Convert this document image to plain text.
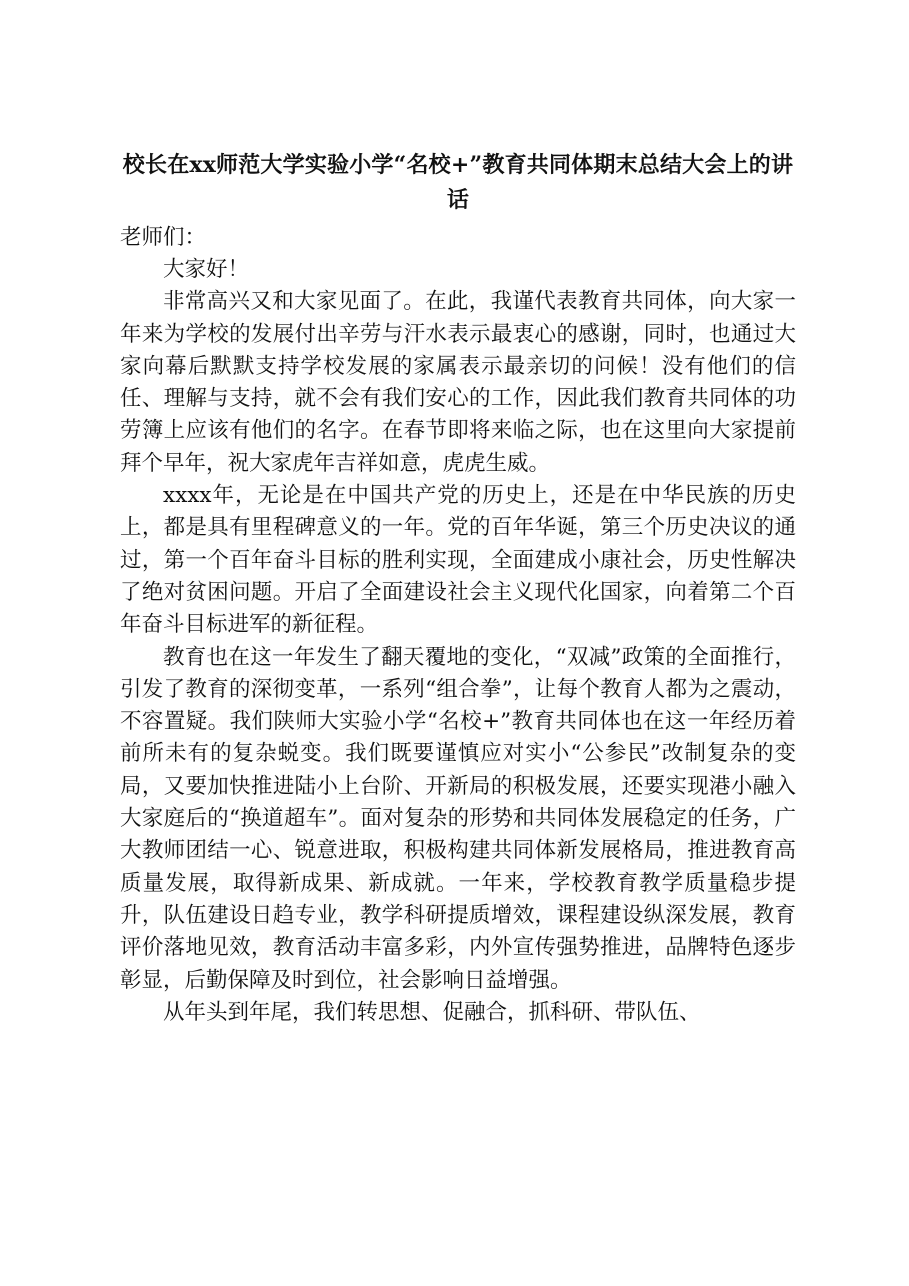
校长在xx师范大学实验小学“名校+”教育共同体期末总结大会上的讲话

老师们：

大家好！

非常高兴又和大家见面了。在此，我谨代表教育共同体，向大家一年来为学校的发展付出辛劳与汗水表示最衷心的感谢，同时，也通过大家向幕后默默支持学校发展的家属表示最亲切的问候！没有他们的信任、理解与支持，就不会有我们安心的工作，因此我们教育共同体的功劳簿上应该有他们的名字。在春节即将来临之际，也在这里向大家提前拜个早年，祝大家虎年吉祥如意，虎虎生威。

xxxx年，无论是在中国共产党的历史上，还是在中华民族的历史上，都是具有里程碑意义的一年。党的百年华诞，第三个历史决议的通过，第一个百年奋斗目标的胜利实现，全面建成小康社会，历史性解决了绝对贫困问题。开启了全面建设社会主义现代化国家，向着第二个百年奋斗目标进军的新征程。

教育也在这一年发生了翻天覆地的变化，“双减”政策的全面推行，引发了教育的深彻变革，一系列“组合拳”，让每个教育人都为之震动，不容置疑。我们陕师大实验小学“名校+”教育共同体也在这一年经历着前所未有的复杂蜕变。我们既要谨慎应对实小“公参民”改制复杂的变局，又要加快推进陆小上台阶、开新局的积极发展，还要实现港小融入大家庭后的“换道超车”。面对复杂的形势和共同体发展稳定的任务，广大教师团结一心、锐意进取，积极构建共同体新发展格局，推进教育高质量发展，取得新成果、新成就。一年来，学校教育教学质量稳步提升，队伍建设日趋专业，教学科研提质增效，课程建设纵深发展，教育评价落地见效，教育活动丰富多彩，内外宣传强势推进，品牌特色逐步彰显，后勤保障及时到位，社会影响日益增强。

从年头到年尾，我们转思想、促融合，抓科研、带队伍、
